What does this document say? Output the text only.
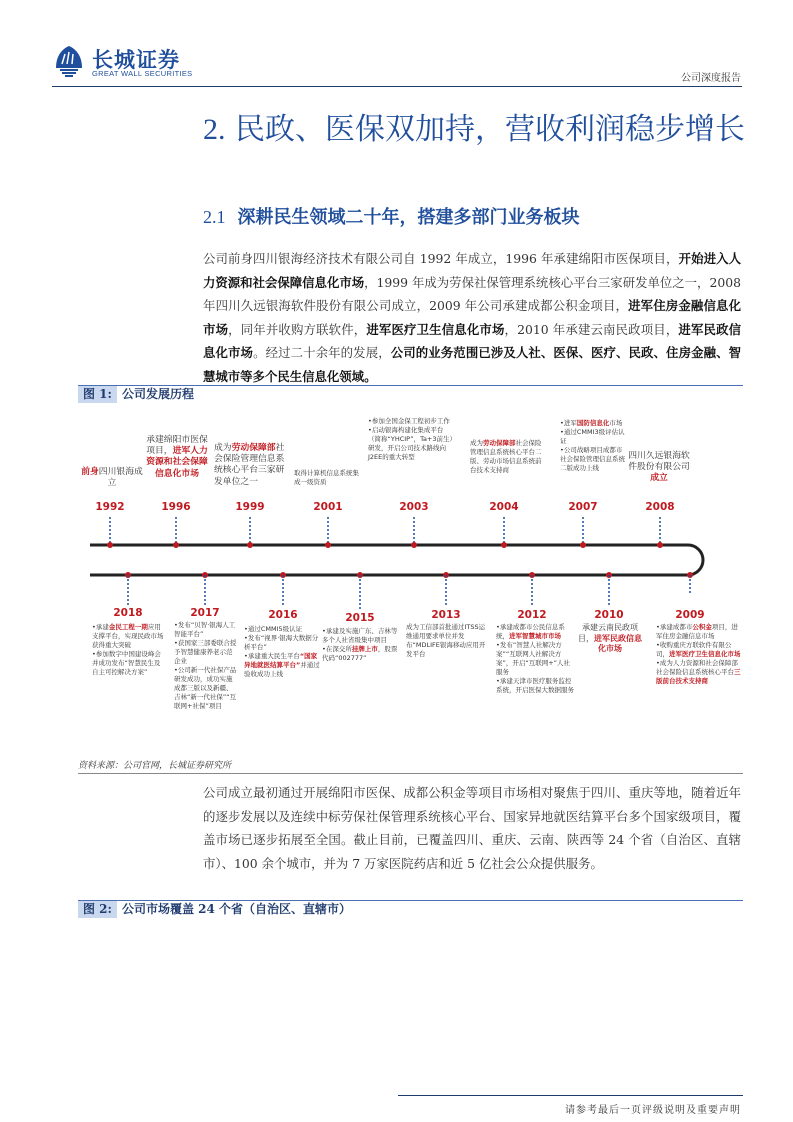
长城证券
GREAT WALL SECURITIES	公司深度报告
2. 民政、医保双加持，营收利润稳步增长
2.1 深耕民生领域二十年，搭建多部门业务板块
公司前身四川银海经济技术有限公司自 1992 年成立，1996 年承建绵阳市医保项目，开始进入人力资源和社会保障信息化市场，1999 年成为劳保社保管理系统核心平台三家研发单位之一，2008 年四川久远银海软件股份有限公司成立，2009 年公司承建成都公积金项目，进军住房金融信息化市场，同年并收购方联软件，进军医疗卫生信息化市场，2010 年承建云南民政项目，进军民政信息化市场。经过二十余年的发展，公司的业务范围已涉及人社、医保、医疗、民政、住房金融、智慧城市等多个民生信息化领域。
图 1: 公司发展历程
1992	1996	1999	2001	2003	2004	2007	2008
前身四川银海成立
承建绵阳市医保项目，进军人力资源和社会保障信息化市场
成为劳动保障部社会保险管理信息系统核心平台三家研发单位之一
取得计算机信息系统集成一级资质
•参加全国金保工程初步工作
•启动银海构建化集成平台（简称“YHCIP”，Ta+3前生）研发，开启公司技术路线向J2EE的重大转型
成为劳动保障部社会保险管理信息系统核心平台二版、劳动市场信息系统前台技术支持商
•进军国防信息化市场
•通过CMMI3级评估认证
•公司战略项目成都市社会保险管理信息系统二版成功上线
四川久远银海软件股份有限公司成立
2018	2017	2016	2015	2013	2012	2010	2009
•承建金民工程一期应用支撑平台，实现民政市场获得重大突破
•参加数字中国建设峰会并成功发布“智慧民生及自主可控解决方案”
•发布“贝智·银海人工智能平台”
•获国家三部委联合授予智慧健康养老示范企业
•公司新一代社保产品研发成功，成功实施成都三版以及新疆、吉林“新一代社保”“互联网+社保”项目
•通过CMMI5级认证
•发布“视界·银海大数据分析平台”
•承建重大民生平台“国家异地就医结算平台”并通过验收成功上线
•承建及实施广东、吉林等多个人社省级集中项目
•在深交所挂牌上市，股票代码“002777”
成为工信部首批通过ITSS运维通用要求单位并发布“MDLIFE银海移动应用开发平台
•承建成都市公民信息系统，进军智慧城市市场
•发布“智慧人社解决方案”“互联网人社解决方案”，开启“互联网+”人社服务
•承建天津市医疗服务监控系统，开启医保大数据服务
承建云南民政项目，进军民政信息化市场
•承建成都市公积金项目，进军住房金融信息市场
•收购重庆方联软件有限公司，进军医疗卫生信息化市场
•成为人力资源和社会保障部社会保险信息系统核心平台三版前台技术支持商
资料来源：公司官网，长城证券研究所
公司成立最初通过开展绵阳市医保、成都公积金等项目市场相对聚焦于四川、重庆等地，随着近年的逐步发展以及连续中标劳保社保管理系统核心平台、国家异地就医结算平台多个国家级项目，覆盖市场已逐步拓展至全国。截止目前，已覆盖四川、重庆、云南、陕西等 24 个省（自治区、直辖市）、100 余个城市，并为 7 万家医院药店和近 5 亿社会公众提供服务。
图 2: 公司市场覆盖 24 个省（自治区、直辖市）
请参考最后一页评级说明及重要声明
